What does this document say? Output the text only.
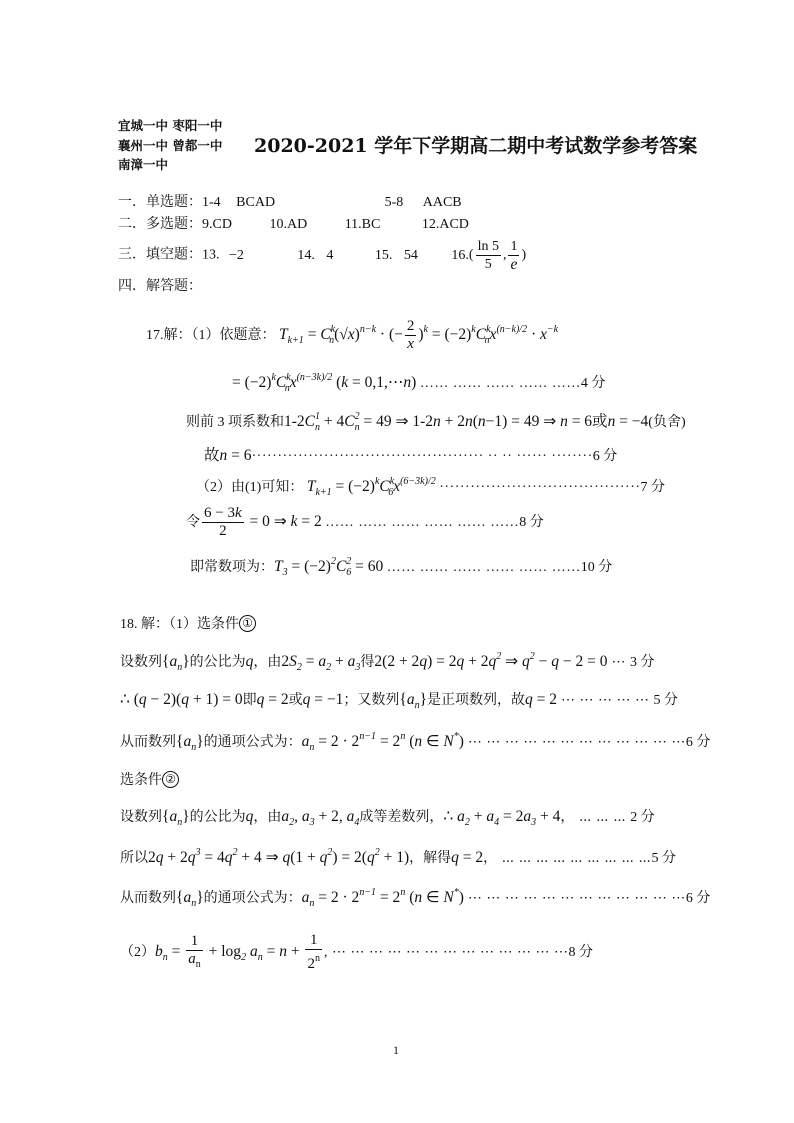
宜城一中 枣阳一中
襄州一中 曾都一中
南漳一中
2020-2021 学年下学期高二期中考试数学参考答案
一．单选题：1-4 BCAD	5-8 AACB
二．多选题：9.CD	10.AD	11.BC	12.ACD
三．填空题：13. −2	14. 4	15. 54 $16.( \frac{\ln 5}{5}$ , $\frac{1}{e}$ )
四．解答题：
17.解：（1）依题意： $T_{k+1} = C^k_n(√x)^{n-k}$ · (− $\frac{2}{x} )^k = (-2)^kC^k_nx^{(n-k)/2} \cdot x^{-k}$
= $(-2)^kC^k_nx^{(n-3k)/2}$ (k = 0,1,⋯n) …… …… …… …… ……4 分
则前 3 项系数和$1-2C^1_n + 4C^2_n = 49$ ⇒ 1-2n + 2n(n−1) = 49 ⇒ n = 6或n = −4(负舍)
故n = 6············································· ·· ·· ······ ········6 分
（2）由(1)可知： $T_{k+1} = (-2)^kC^k_6x^{(6-3k)/2} \cdot\cdot\cdot\cdot\cdot\cdot\cdot\cdot\cdot\cdot\cdot\cdot\cdot\cdot\cdot\cdot\cdot\cdot\cdot\cdot\cdot\cdot\cdot\cdot\cdot\cdot\cdot\cdot\cdot\cdot\cdot\cdot\cdot\cdot\cdot\cdot\cdot\cdot\cdot 7$ 分
令 $\frac{6 - 3k}{2} = 0$ ⇒ k = 2 …… …… …… …… …… ……8 分
即常数项为：$T_3 = (-2)^2C^2_6 = 60$ …… …… …… …… …… ……10 分
18. 解：（1）选条件 ①
设数列$\{a_n\}$的公比为q，由$2S_2 = a_2 + a_3$得$2(2 + 2q) = 2q + 2q^2$ ⇒ $q^2 - q - 2 = 0$ ⋯ 3 分
∴ (q − 2)(q + 1) = 0即q = 2或q = −1；又数列$\{a_n\}$是正项数列，故q = 2 ⋯ ⋯ ⋯ ⋯ ⋯ 5 分
从而数列$\{a_n\}$的通项公式为：$a_n = 2 \cdot 2^{n-1} = 2^n$ (n ∈ N*) ⋯ ⋯ ⋯ ⋯ ⋯ ⋯ ⋯ ⋯ ⋯ ⋯ ⋯ ⋯6 分
选条件 ②
设数列$\{a_n\}$的公比为q，由$a_2$, $a_3 + 2$, $a_4$成等差数列，∴ $a_2 + a_4 = 2a_3 + 4$， ⋯ ⋯ ⋯ 2 分
所以$2q + 2q^3 = 4q^2 + 4$ ⇒ $q(1 + q^2) = 2(q^2 + 1)$，解得q = 2， ⋯ ⋯ ⋯ ⋯ ⋯ ⋯ ⋯ ⋯ ⋯5 分
从而数列$\{a_n\}$的通项公式为：$a_n = 2 \cdot 2^{n-1} = 2^n$ (n ∈ N*) ⋯ ⋯ ⋯ ⋯ ⋯ ⋯ ⋯ ⋯ ⋯ ⋯ ⋯ ⋯6 分
$(2)b_n = \frac{1}{a_n} + \log_2 a_n = n + \frac{1}{2^n}$ , ⋯ ⋯ ⋯ ⋯ ⋯ ⋯ ⋯ ⋯ ⋯ ⋯ ⋯ ⋯ ⋯8 分
1
